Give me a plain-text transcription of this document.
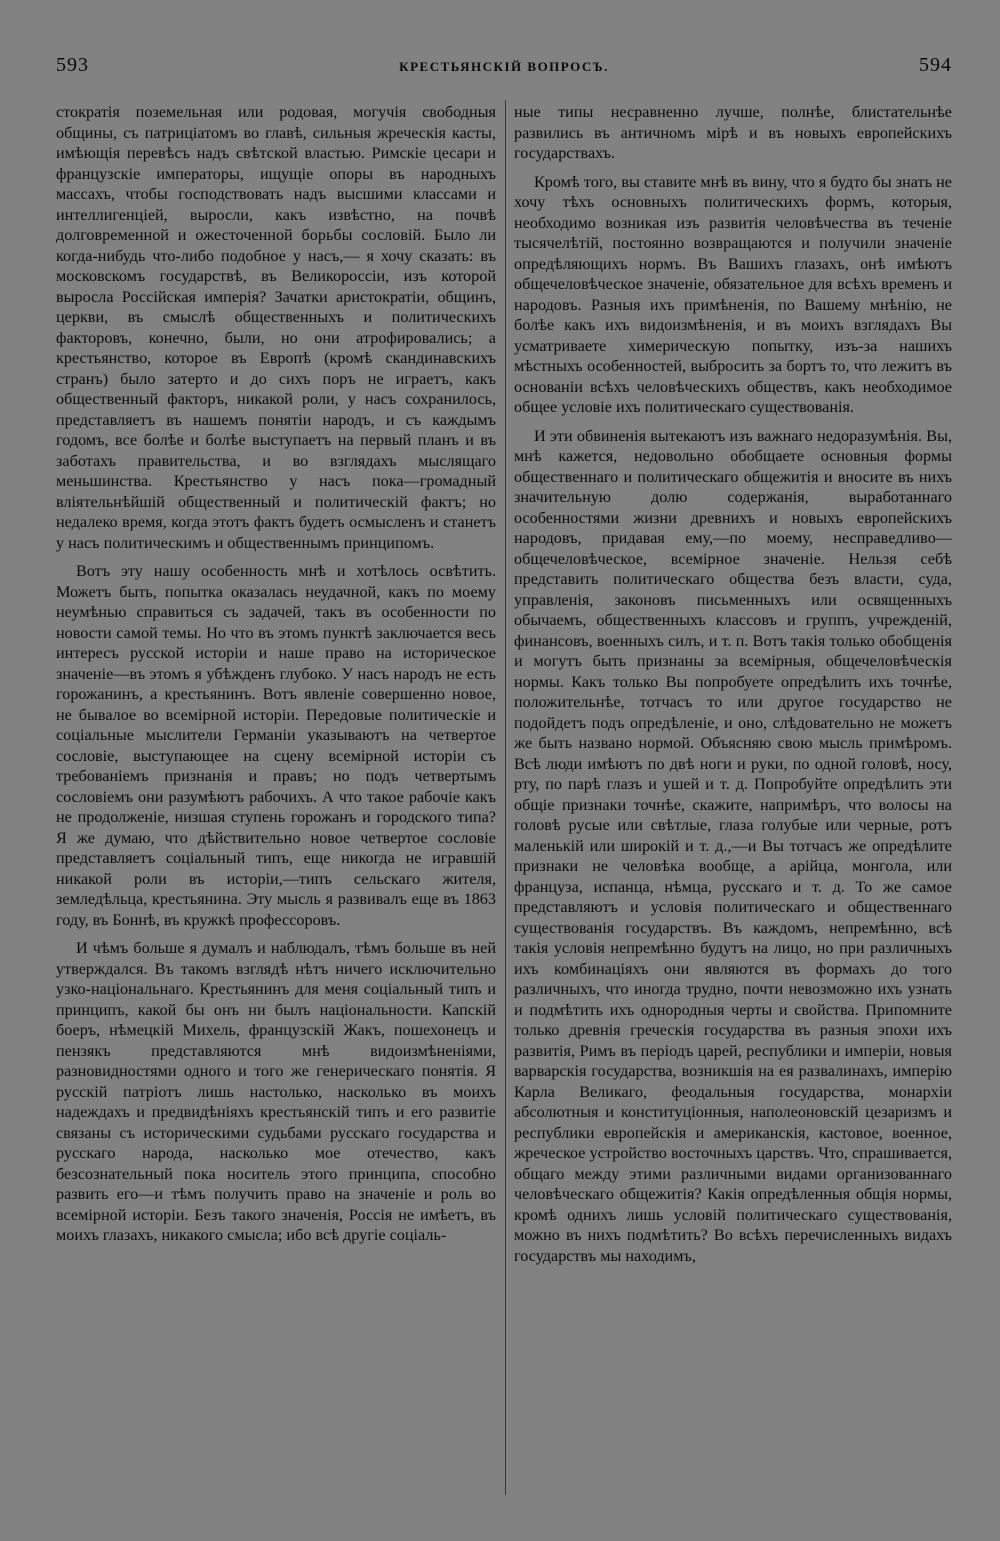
593	КРЕСТЬЯНСКІЙ ВОПРОСЪ.	594

стократія поземельная или родовая, могучія свободныя общины, съ патриціатомъ во главѣ, сильныя жреческія касты, имѣющія перевѣсъ надъ свѣтской властью. Римскіе цесари и французскіе императоры, ищущіе опоры въ народныхъ массахъ, чтобы господствовать надъ высшими классами и интеллигенціей, выросли, какъ извѣстно, на почвѣ долговременной и ожесточенной борьбы сословій. Было ли когда-нибудь что-либо подобное у насъ,— я хочу сказать: въ московскомъ государствѣ, въ Великороссіи, изъ которой выросла Россійская имперія? Зачатки аристократіи, общинъ, церкви, въ смыслѣ общественныхъ и политическихъ факторовъ, конечно, были, но они атрофировались; а крестьянство, которое въ Европѣ (кромѣ скандинавскихъ странъ) было затерто и до сихъ поръ не играетъ, какъ общественный факторъ, никакой роли, у насъ сохранилось, представляетъ въ нашемъ понятіи народъ, и съ каждымъ годомъ, все болѣе и болѣе выступаетъ на первый планъ и въ заботахъ правительства, и во взглядахъ мыслящаго меньшинства. Крестьянство у насъ пока—громадный вліятельнѣйшій общественный и политическій фактъ; но недалеко время, когда этотъ фактъ будетъ осмысленъ и станетъ у насъ политическимъ и общественнымъ принципомъ.

Вотъ эту нашу особенность мнѣ и хотѣлось освѣтить. Можетъ быть, попытка оказалась неудачной, какъ по моему неумѣнью справиться съ задачей, такъ въ особенности по новости самой темы. Но что въ этомъ пунктѣ заключается весь интересъ русской исторіи и наше право на историческое значеніе—въ этомъ я убѣжденъ глубоко. У насъ народъ не есть горожанинъ, а крестьянинъ. Вотъ явленіе совершенно новое, не бывалое во всемірной исторіи. Передовые политическіе и соціальные мыслители Германіи указываютъ на четвертое сословіе, выступающее на сцену всемірной исторіи съ требованіемъ признанія и правъ; но подъ четвертымъ сословіемъ они разумѣютъ рабочихъ. А что такое рабочіе какъ не продолженіе, низшая ступень горожанъ и городского типа? Я же думаю, что дѣйствительно новое четвертое сословіе представляетъ соціальный типъ, еще никогда не игравшій никакой роли въ исторіи,—типъ сельскаго жителя, земледѣльца, крестьянина. Эту мысль я развивалъ еще въ 1863 году, въ Боннѣ, въ кружкѣ профессоровъ.

И чѣмъ больше я думалъ и наблюдалъ, тѣмъ больше въ ней утверждался. Въ такомъ взглядѣ нѣтъ ничего исключительно узко-національнаго. Крестьянинъ для меня соціальный типъ и принципъ, какой бы онъ ни былъ національности. Капскій боеръ, нѣмецкій Михель, французскій Жакъ, пошехонецъ и пензякъ представляются мнѣ видоизмѣненіями, разновидностями одного и того же генерическаго понятія. Я русскій патріотъ лишь настолько, насколько въ моихъ надеждахъ и предвидѣніяхъ крестьянскій типъ и его развитіе связаны съ историческими судьбами русскаго государства и русскаго народа, насколько мое отечество, какъ безсознательный пока носитель этого принципа, способно развить его—и тѣмъ получить право на значеніе и роль во всемірной исторіи. Безъ такого значенія, Россія не имѣетъ, въ моихъ глазахъ, никакого смысла; ибо всѣ другіе соціаль-

ные типы несравненно лучше, полнѣе, блистательнѣе развились въ античномъ мірѣ и въ новыхъ европейскихъ государствахъ.

Кромѣ того, вы ставите мнѣ въ вину, что я будто бы знать не хочу тѣхъ основныхъ политическихъ формъ, которыя, необходимо возникая изъ развитія человѣчества въ теченіе тысячелѣтій, постоянно возвращаются и получили значеніе опредѣляющихъ нормъ. Въ Вашихъ глазахъ, онѣ имѣютъ общечеловѣческое значеніе, обязательное для всѣхъ временъ и народовъ. Разныя ихъ примѣненія, по Вашему мнѣнію, не болѣе какъ ихъ видоизмѣненія, и въ моихъ взглядахъ Вы усматриваете химерическую попытку, изъ-за нашихъ мѣстныхъ особенностей, выбросить за бортъ то, что лежитъ въ основаніи всѣхъ человѣческихъ обществъ, какъ необходимое общее условіе ихъ политическаго существованія.

И эти обвиненія вытекаютъ изъ важнаго недоразумѣнія. Вы, мнѣ кажется, недовольно обобщаете основныя формы общественнаго и политическаго общежитія и вносите въ нихъ значительную долю содержанія, выработаннаго особенностями жизни древнихъ и новыхъ европейскихъ народовъ, придавая ему,—по моему, несправедливо—общечеловѣческое, всемірное значеніе. Нельзя себѣ представить политическаго общества безъ власти, суда, управленія, законовъ письменныхъ или освященныхъ обычаемъ, общественныхъ классовъ и группъ, учрежденій, финансовъ, военныхъ силъ, и т. п. Вотъ такія только обобщенія и могутъ быть признаны за всемірныя, общечеловѣческія нормы. Какъ только Вы попробуете опредѣлить ихъ точнѣе, положительнѣе, тотчасъ то или другое государство не подойдетъ подъ опредѣленіе, и оно, слѣдовательно не можетъ же быть названо нормой. Объясняю свою мысль примѣромъ. Всѣ люди имѣютъ по двѣ ноги и руки, по одной головѣ, носу, рту, по парѣ глазъ и ушей и т. д. Попробуйте опредѣлить эти общіе признаки точнѣе, скажите, напримѣръ, что волосы на головѣ русые или свѣтлые, глаза голубые или черные, ротъ маленькій или широкій и т. д.,—и Вы тотчасъ же опредѣлите признаки не человѣка вообще, а арійца, монгола, или француза, испанца, нѣмца, русскаго и т. д. То же самое представляютъ и условія политическаго и общественнаго существованія государствъ. Въ каждомъ, непремѣнно, всѣ такія условія непремѣнно будутъ на лицо, но при различныхъ ихъ комбинаціяхъ они являются въ формахъ до того различныхъ, что иногда трудно, почти невозможно ихъ узнать и подмѣтить ихъ однородныя черты и свойства. Припомните только древнія греческія государства въ разныя эпохи ихъ развитія, Римъ въ періодъ царей, республики и имперіи, новыя варварскія государства, возникшія на ея развалинахъ, имперію Карла Великаго, феодальныя государства, монархіи абсолютныя и конституціонныя, наполеоновскій цезаризмъ и республики европейскія и американскія, кастовое, военное, жреческое устройство восточныхъ царствъ. Что, спрашивается, общаго между этими различными видами организованнаго человѣческаго общежитія? Какія опредѣленныя общія нормы, кромѣ однихъ лишь условій политическаго существованія, можно въ нихъ подмѣтить? Во всѣхъ перечисленныхъ видахъ государствъ мы находимъ,
